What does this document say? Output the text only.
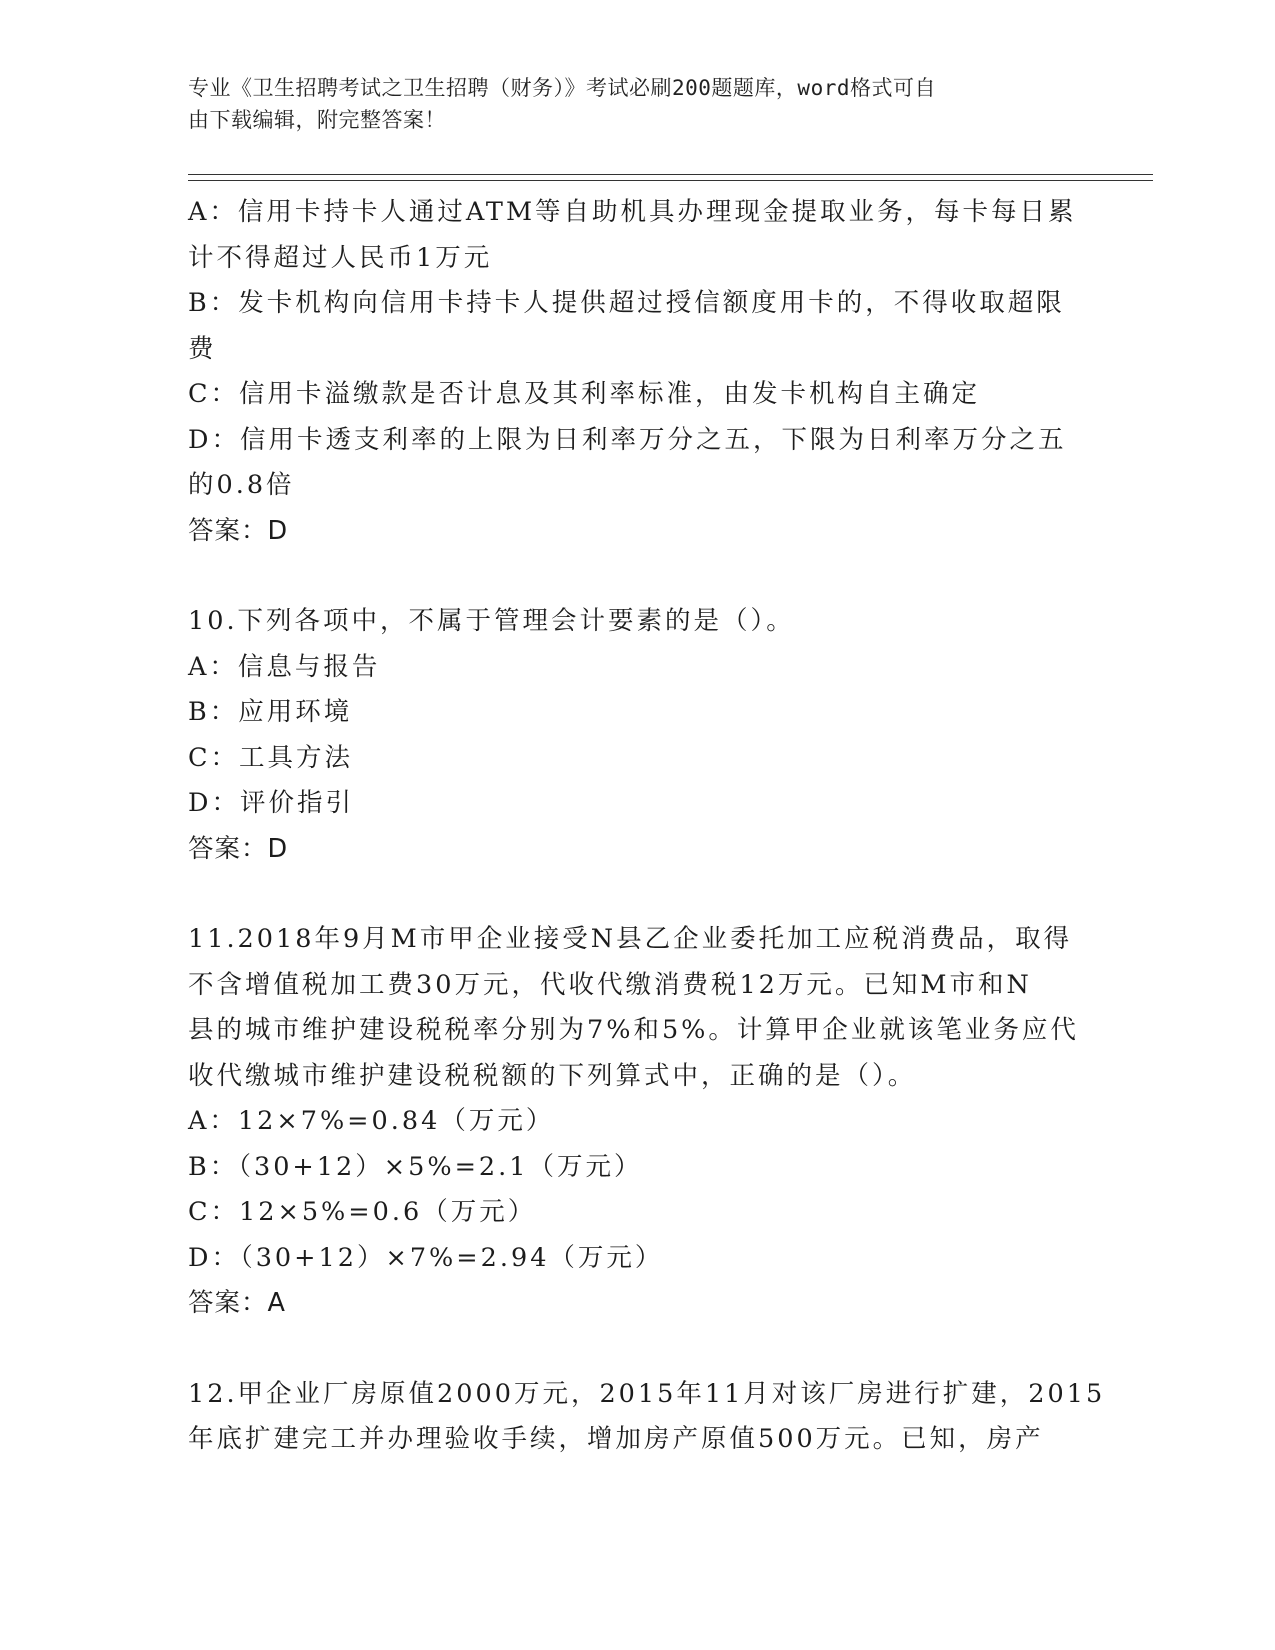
专业《卫生招聘考试之卫生招聘（财务）》考试必刷200题题库，word格式可自
由下载编辑，附完整答案！
A：信用卡持卡人通过ATM等自助机具办理现金提取业务，每卡每日累
计不得超过人民币1万元
B：发卡机构向信用卡持卡人提供超过授信额度用卡的，不得收取超限
费
C：信用卡溢缴款是否计息及其利率标准，由发卡机构自主确定
D：信用卡透支利率的上限为日利率万分之五，下限为日利率万分之五
的0.8倍
答案：D
10.下列各项中，不属于管理会计要素的是（）。
A：信息与报告
B：应用环境
C：工具方法
D：评价指引
答案：D
11.2018年9月M市甲企业接受N县乙企业委托加工应税消费品，取得
不含增值税加工费30万元，代收代缴消费税12万元。已知M市和N
县的城市维护建设税税率分别为7%和5%。计算甲企业就该笔业务应代
收代缴城市维护建设税税额的下列算式中，正确的是（）。
A：12×7%=0.84（万元）
B：（30+12）×5%=2.1（万元）
C：12×5%=0.6（万元）
D：（30+12）×7%=2.94（万元）
答案：A
12.甲企业厂房原值2000万元，2015年11月对该厂房进行扩建，2015
年底扩建完工并办理验收手续，增加房产原值500万元。已知，房产
